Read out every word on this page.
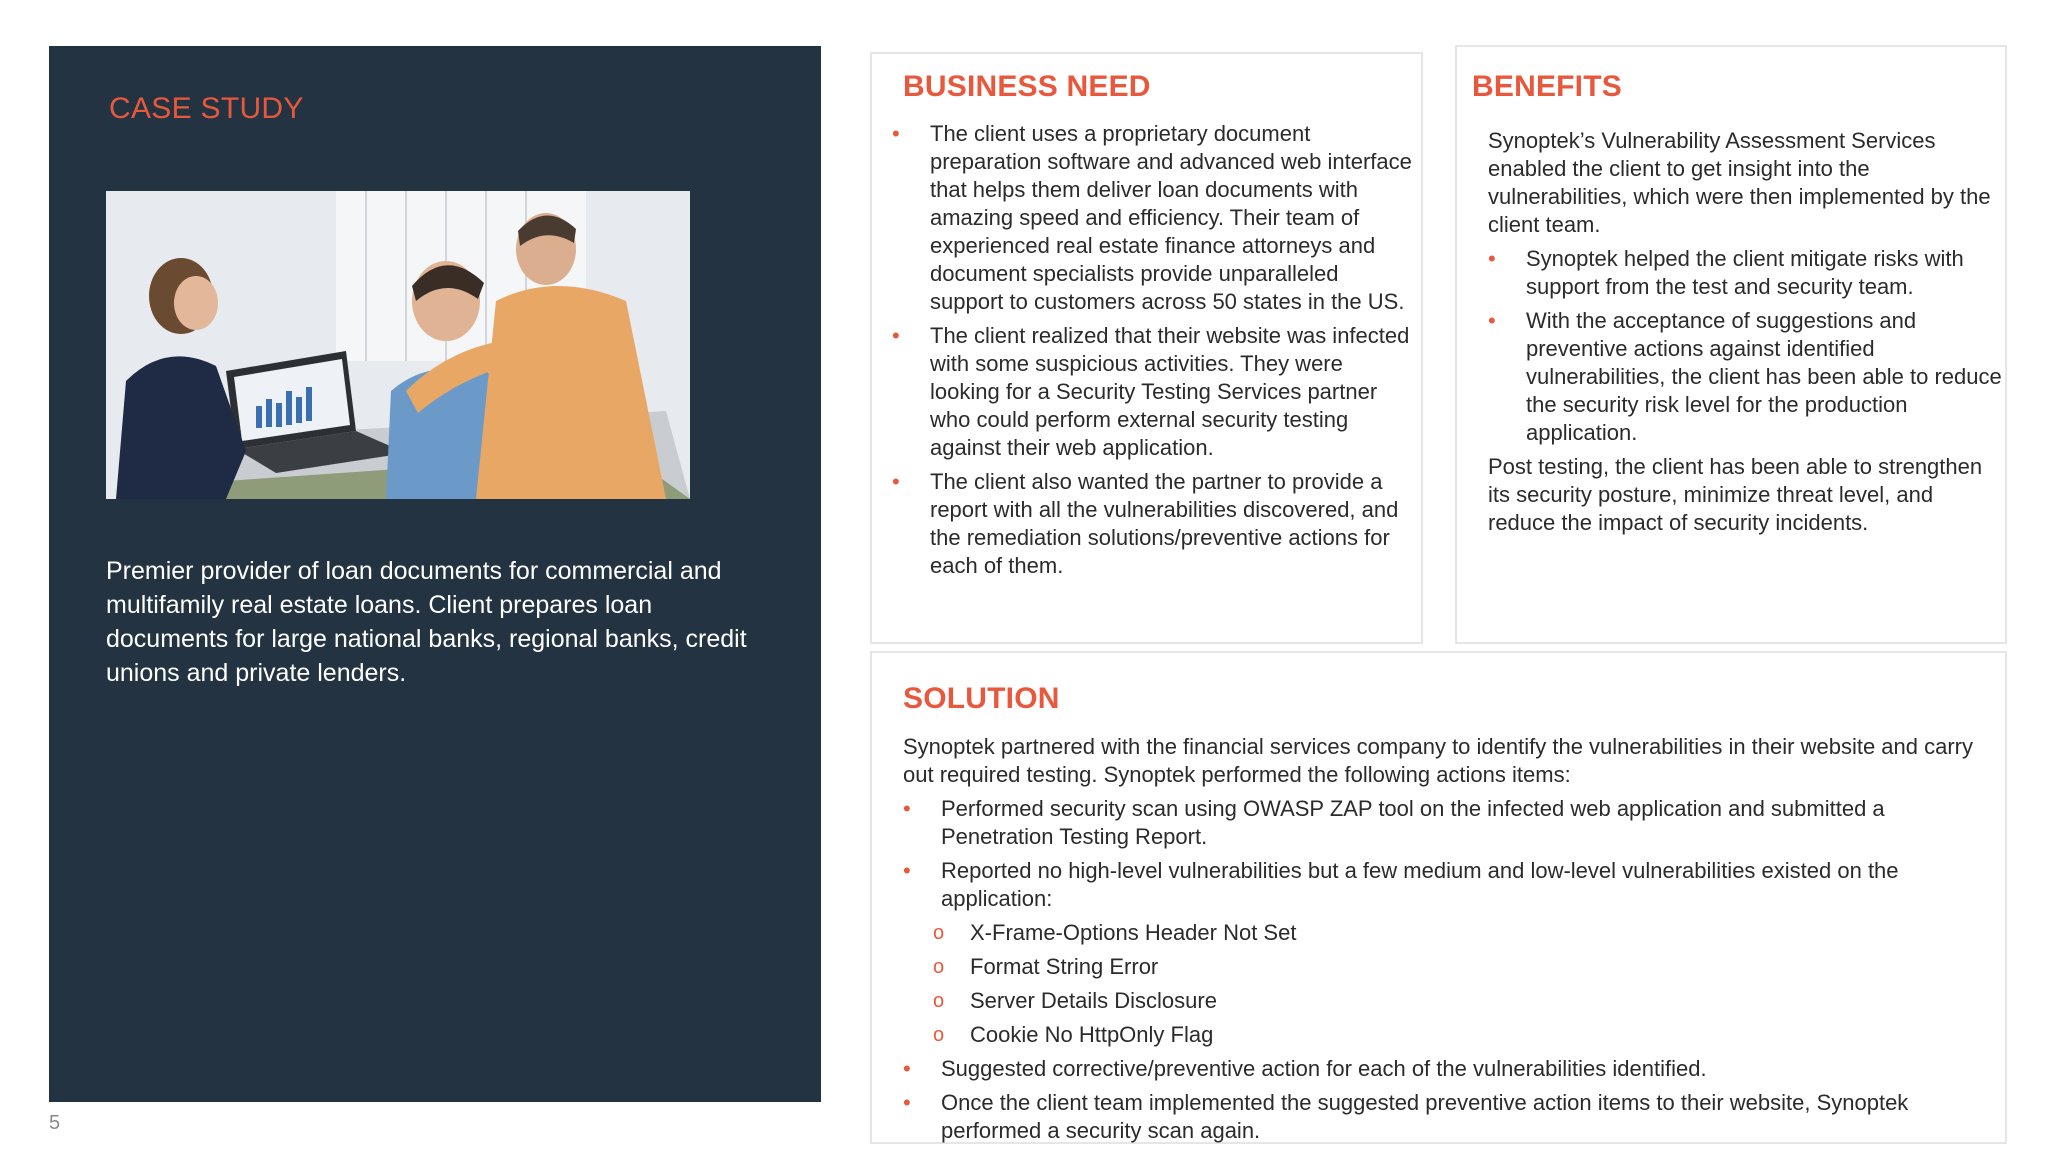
CASE STUDY
Premier provider of loan documents for commercial and multifamily real estate loans. Client prepares loan documents for large national banks, regional banks, credit unions and private lenders.
5
BUSINESS NEED
• The client uses a proprietary document preparation software and advanced web interface that helps them deliver loan documents with amazing speed and efficiency. Their team of experienced real estate finance attorneys and document specialists provide unparalleled support to customers across 50 states in the US.
• The client realized that their website was infected with some suspicious activities. They were looking for a Security Testing Services partner who could perform external security testing against their web application.
• The client also wanted the partner to provide a report with all the vulnerabilities discovered, and the remediation solutions/preventive actions for each of them.
BENEFITS

Synoptek’s Vulnerability Assessment Services enabled the client to get insight into the vulnerabilities, which were then implemented by the client team.

• Synoptek helped the client mitigate risks with support from the test and security team.
• With the acceptance of suggestions and preventive actions against identified vulnerabilities, the client has been able to reduce the security risk level for the production application.

Post testing, the client has been able to strengthen its security posture, minimize threat level, and reduce the impact of security incidents.

SOLUTION

Synoptek partnered with the financial services company to identify the vulnerabilities in their website and carry out required testing. Synoptek performed the following actions items:

• Performed security scan using OWASP ZAP tool on the infected web application and submitted a Penetration Testing Report.
• Reported no high-level vulnerabilities but a few medium and low-level vulnerabilities existed on the application:
o X-Frame-Options Header Not Set
o Format String Error
o Server Details Disclosure
o Cookie No HttpOnly Flag
• Suggested corrective/preventive action for each of the vulnerabilities identified.
• Once the client team implemented the suggested preventive action items to their website, Synoptek performed a security scan again.
